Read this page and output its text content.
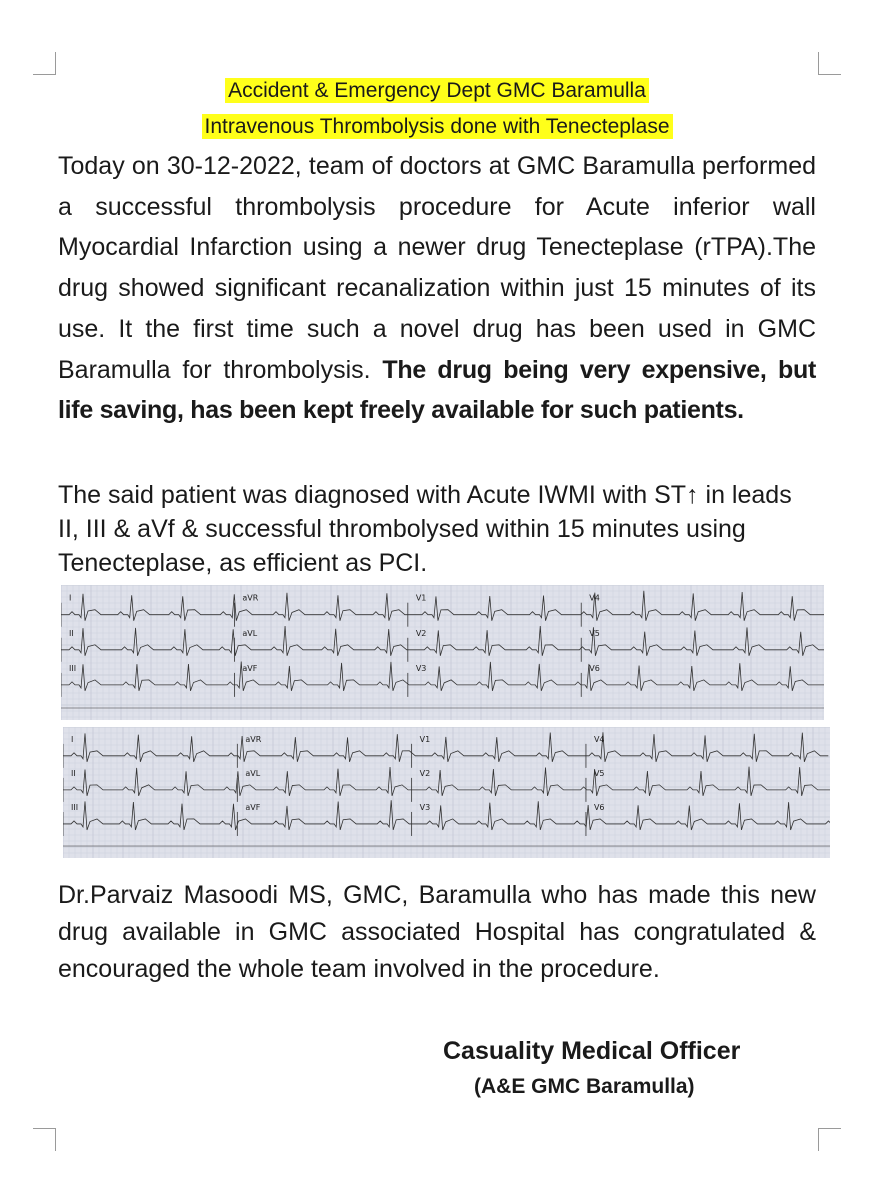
Accident & Emergency Dept GMC Baramulla
Intravenous Thrombolysis done with Tenecteplase

Today on 30-12-2022, team of doctors at GMC Baramulla performed a successful thrombolysis procedure for Acute inferior wall Myocardial Infarction using a newer drug Tenecteplase (rTPA).The drug showed significant recanalization within just 15 minutes of its use. It the first time such a novel drug has been used in GMC Baramulla for thrombolysis. The drug being very expensive, but life saving, has been kept freely available for such patients.

The said patient was diagnosed with Acute IWMI with ST↑ in leads II, III & aVf & successful thrombolysed within 15 minutes using Tenecteplase, as efficient as PCI.

I	aVR	V1	V4
II	aVL	V2	V5
III	aVF	V3	V6
I	aVR	V1	V4
II	aVL	V2	V5
III	aVF	V3	V6

Dr.Parvaiz Masoodi MS, GMC, Baramulla who has made this new drug available in GMC associated Hospital has congratulated & encouraged the whole team involved in the procedure.

Casuality Medical Officer
(A&E GMC Baramulla)
